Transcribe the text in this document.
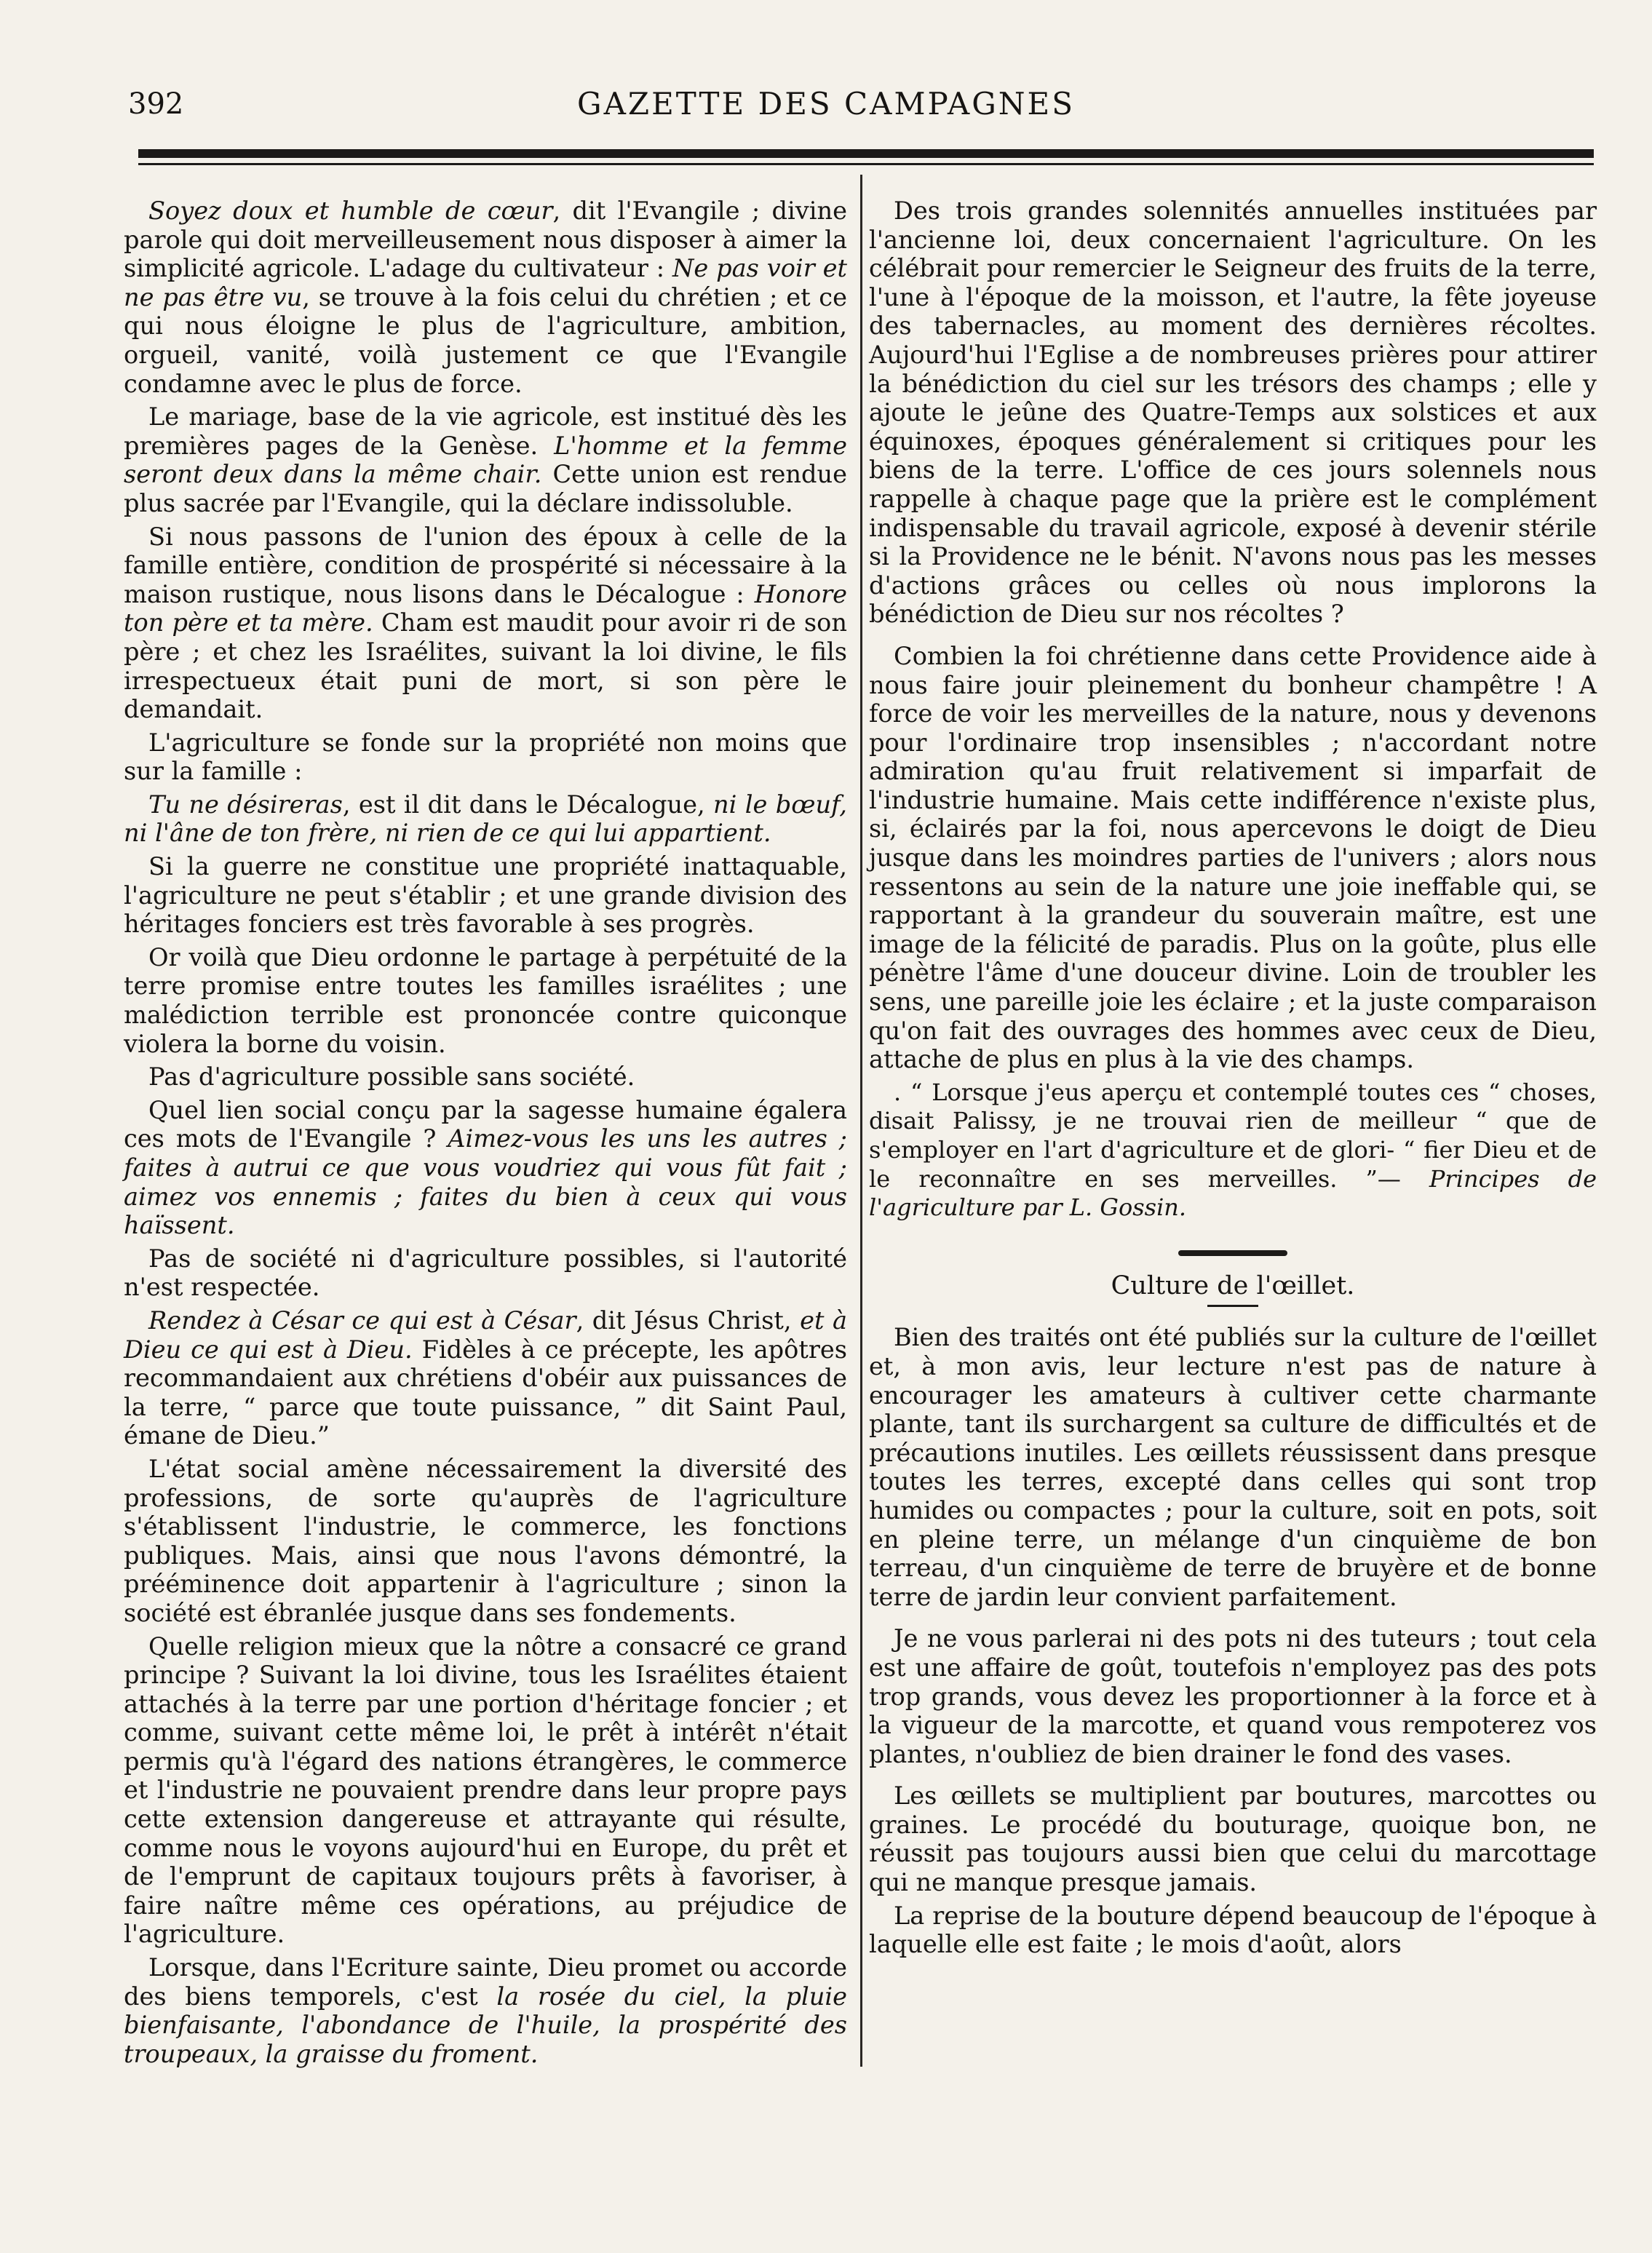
392	GAZETTE DES CAMPAGNES

Soyez doux et humble de cœur, dit l'Evangile ; divine parole qui doit merveilleusement nous disposer à aimer la simplicité agricole. L'adage du cultivateur : Ne pas voir et ne pas être vu, se trouve à la fois celui du chrétien ; et ce qui nous éloigne le plus de l'agriculture, ambition, orgueil, vanité, voilà justement ce que l'Evangile condamne avec le plus de force.

Le mariage, base de la vie agricole, est institué dès les premières pages de la Genèse. L'homme et la femme seront deux dans la même chair. Cette union est rendue plus sacrée par l'Evangile, qui la déclare indissoluble.

Si nous passons de l'union des époux à celle de la famille entière, condition de prospérité si nécessaire à la maison rustique, nous lisons dans le Décalogue : Honore ton père et ta mère. Cham est maudit pour avoir ri de son père ; et chez les Israélites, suivant la loi divine, le fils irrespectueux était puni de mort, si son père le demandait.

L'agriculture se fonde sur la propriété non moins que sur la famille :

Tu ne désireras, est il dit dans le Décalogue, ni le bœuf, ni l'âne de ton frère, ni rien de ce qui lui appartient.

Si la guerre ne constitue une propriété inattaquable, l'agriculture ne peut s'établir ; et une grande division des héritages fonciers est très favorable à ses progrès.

Or voilà que Dieu ordonne le partage à perpétuité de la terre promise entre toutes les familles israélites ; une malédiction terrible est prononcée contre quiconque violera la borne du voisin.

Pas d'agriculture possible sans société.

Quel lien social conçu par la sagesse humaine égalera ces mots de l'Evangile ? Aimez-vous les uns les autres ; faites à autrui ce que vous voudriez qui vous fût fait ; aimez vos ennemis ; faites du bien à ceux qui vous haïssent.

Pas de société ni d'agriculture possibles, si l'autorité n'est respectée.

Rendez à César ce qui est à César, dit Jésus Christ, et à Dieu ce qui est à Dieu. Fidèles à ce précepte, les apôtres recommandaient aux chrétiens d'obéir aux puissances de la terre, “ parce que toute puissance, ” dit Saint Paul, émane de Dieu.”

L'état social amène nécessairement la diversité des professions, de sorte qu'auprès de l'agriculture s'établissent l'industrie, le commerce, les fonctions publiques. Mais, ainsi que nous l'avons démontré, la prééminence doit appartenir à l'agriculture ; sinon la société est ébranlée jusque dans ses fondements.

Quelle religion mieux que la nôtre a consacré ce grand principe ? Suivant la loi divine, tous les Israélites étaient attachés à la terre par une portion d'héritage foncier ; et comme, suivant cette même loi, le prêt à intérêt n'était permis qu'à l'égard des nations étrangères, le commerce et l'industrie ne pouvaient prendre dans leur propre pays cette extension dangereuse et attrayante qui résulte, comme nous le voyons aujourd'hui en Europe, du prêt et de l'emprunt de capitaux toujours prêts à favoriser, à faire naître même ces opérations, au préjudice de l'agriculture.

Lorsque, dans l'Ecriture sainte, Dieu promet ou accorde des biens temporels, c'est la rosée du ciel, la pluie bienfaisante, l'abondance de l'huile, la prospérité des troupeaux, la graisse du froment.

Des trois grandes solennités annuelles instituées par l'ancienne loi, deux concernaient l'agriculture. On les célébrait pour remercier le Seigneur des fruits de la terre, l'une à l'époque de la moisson, et l'autre, la fête joyeuse des tabernacles, au moment des dernières récoltes. Aujourd'hui l'Eglise a de nombreuses prières pour attirer la bénédiction du ciel sur les trésors des champs ; elle y ajoute le jeûne des Quatre-Temps aux solstices et aux équinoxes, époques généralement si critiques pour les biens de la terre. L'office de ces jours solennels nous rappelle à chaque page que la prière est le complément indispensable du travail agricole, exposé à devenir stérile si la Providence ne le bénit. N'avons nous pas les messes d'actions grâces ou celles où nous implorons la bénédiction de Dieu sur nos récoltes ?

Combien la foi chrétienne dans cette Providence aide à nous faire jouir pleinement du bonheur champêtre ! A force de voir les merveilles de la nature, nous y devenons pour l'ordinaire trop insensibles ; n'accordant notre admiration qu'au fruit relativement si imparfait de l'industrie humaine. Mais cette indifférence n'existe plus, si, éclairés par la foi, nous apercevons le doigt de Dieu jusque dans les moindres parties de l'univers ; alors nous ressentons au sein de la nature une joie ineffable qui, se rapportant à la grandeur du souverain maître, est une image de la félicité de paradis. Plus on la goûte, plus elle pénètre l'âme d'une douceur divine. Loin de troubler les sens, une pareille joie les éclaire ; et la juste comparaison qu'on fait des ouvrages des hommes avec ceux de Dieu, attache de plus en plus à la vie des champs.

. “ Lorsque j'eus aperçu et contemplé toutes ces “ choses, disait Palissy, je ne trouvai rien de meilleur “ que de s'employer en l'art d'agriculture et de glori- “ fier Dieu et de le reconnaître en ses merveilles. ”— Principes de l'agriculture par L. Gossin.

Culture de l'œillet.

Bien des traités ont été publiés sur la culture de l'œillet et, à mon avis, leur lecture n'est pas de nature à encourager les amateurs à cultiver cette charmante plante, tant ils surchargent sa culture de difficultés et de précautions inutiles. Les œillets réussissent dans presque toutes les terres, excepté dans celles qui sont trop humides ou compactes ; pour la culture, soit en pots, soit en pleine terre, un mélange d'un cinquième de bon terreau, d'un cinquième de terre de bruyère et de bonne terre de jardin leur convient parfaitement.

Je ne vous parlerai ni des pots ni des tuteurs ; tout cela est une affaire de goût, toutefois n'employez pas des pots trop grands, vous devez les proportionner à la force et à la vigueur de la marcotte, et quand vous rempoterez vos plantes, n'oubliez de bien drainer le fond des vases.

Les œillets se multiplient par boutures, marcottes ou graines. Le procédé du bouturage, quoique bon, ne réussit pas toujours aussi bien que celui du marcottage qui ne manque presque jamais.

La reprise de la bouture dépend beaucoup de l'époque à laquelle elle est faite ; le mois d'août, alors
